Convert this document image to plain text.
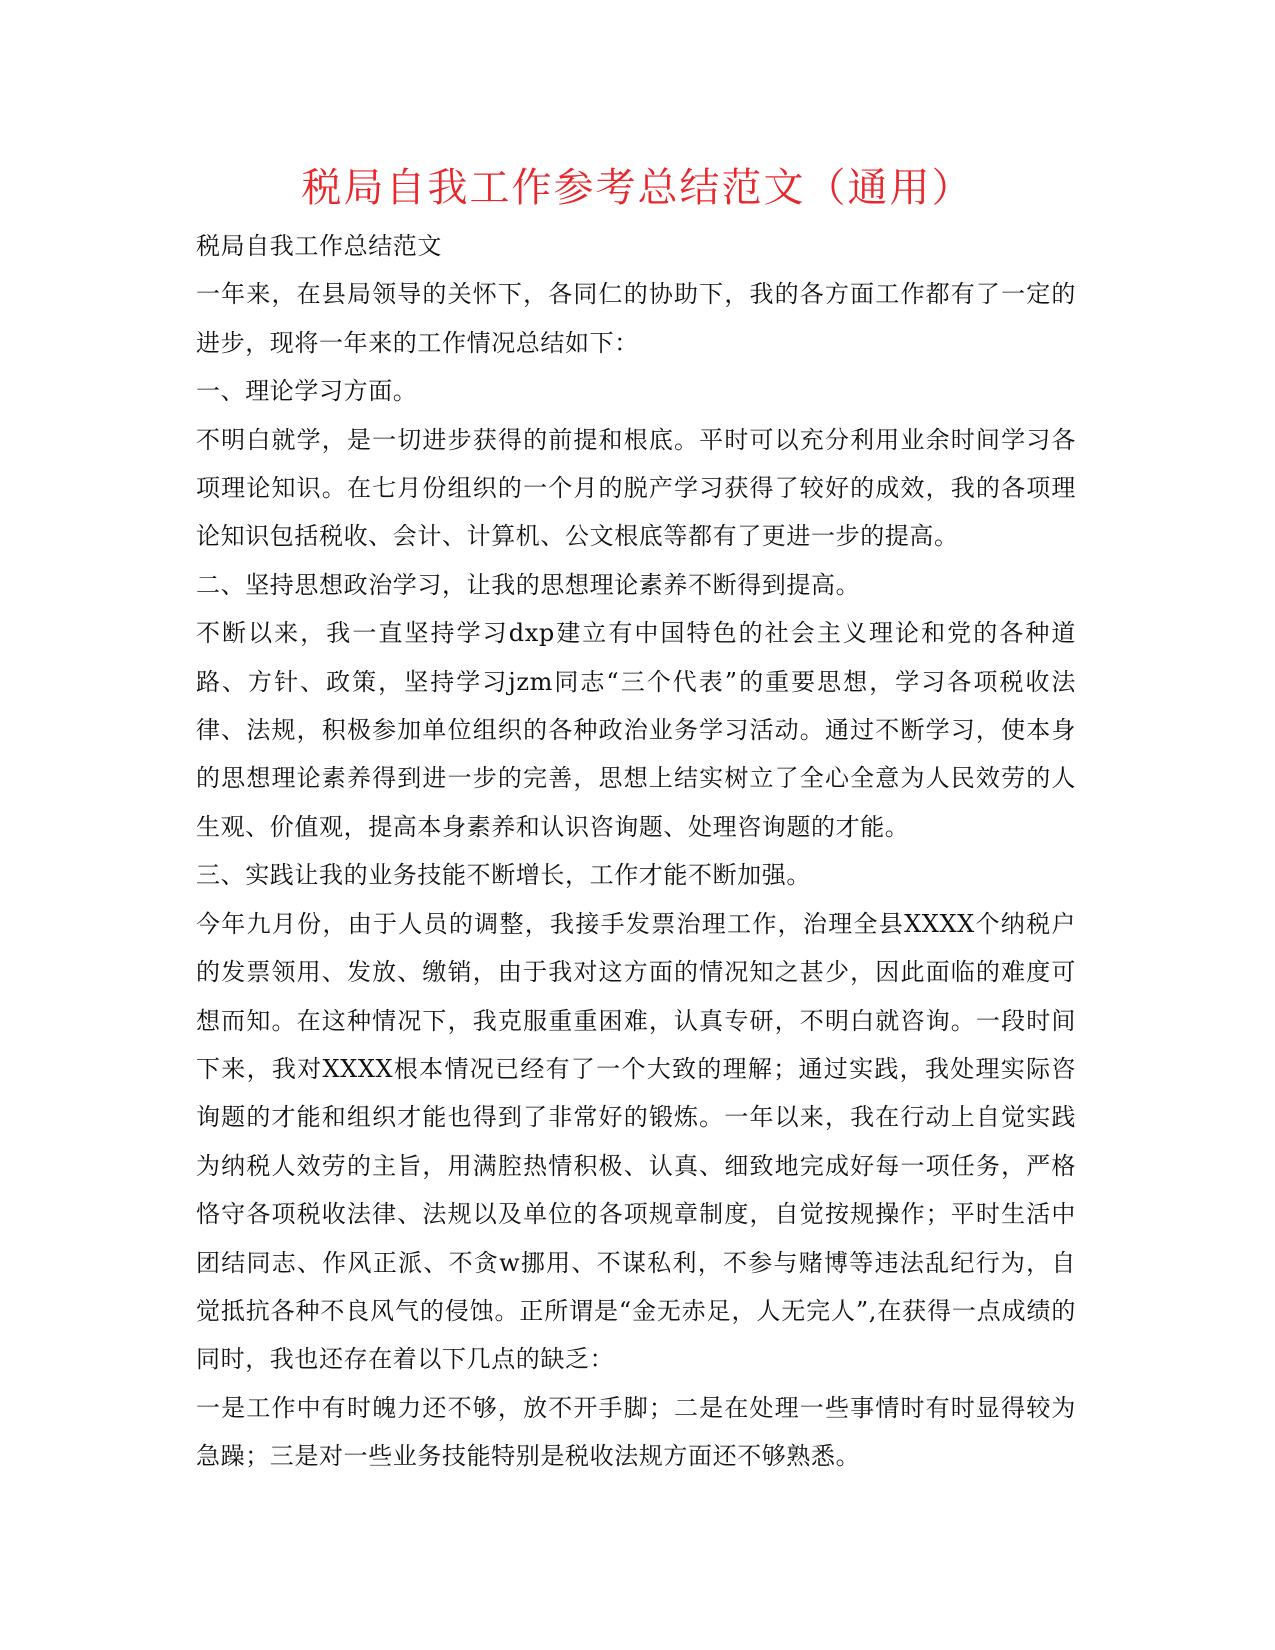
税局自我工作参考总结范文（通用）

税局自我工作总结范文

一年来，在县局领导的关怀下，各同仁的协助下，我的各方面工作都有了一定的进步，现将一年来的工作情况总结如下：

一、理论学习方面。

不明白就学，是一切进步获得的前提和根底。平时可以充分利用业余时间学习各项理论知识。在七月份组织的一个月的脱产学习获得了较好的成效，我的各项理论知识包括税收、会计、计算机、公文根底等都有了更进一步的提高。

二、坚持思想政治学习，让我的思想理论素养不断得到提高。

不断以来，我一直坚持学习dxp建立有中国特色的社会主义理论和党的各种道路、方针、政策，坚持学习jzm同志“三个代表”的重要思想，学习各项税收法律、法规，积极参加单位组织的各种政治业务学习活动。通过不断学习，使本身的思想理论素养得到进一步的完善，思想上结实树立了全心全意为人民效劳的人生观、价值观，提高本身素养和认识咨询题、处理咨询题的才能。

三、实践让我的业务技能不断增长，工作才能不断加强。

今年九月份，由于人员的调整，我接手发票治理工作，治理全县XXXX个纳税户的发票领用、发放、缴销，由于我对这方面的情况知之甚少，因此面临的难度可想而知。在这种情况下，我克服重重困难，认真专研，不明白就咨询。一段时间下来，我对XXXX根本情况已经有了一个大致的理解；通过实践，我处理实际咨询题的才能和组织才能也得到了非常好的锻炼。一年以来，我在行动上自觉实践为纳税人效劳的主旨，用满腔热情积极、认真、细致地完成好每一项任务，严格恪守各项税收法律、法规以及单位的各项规章制度，自觉按规操作；平时生活中团结同志、作风正派、不贪w挪用、不谋私利，不参与赌博等违法乱纪行为，自觉抵抗各种不良风气的侵蚀。正所谓是“金无赤足，人无完人”,在获得一点成绩的同时，我也还存在着以下几点的缺乏：

一是工作中有时魄力还不够，放不开手脚；二是在处理一些事情时有时显得较为急躁；三是对一些业务技能特别是税收法规方面还不够熟悉。
